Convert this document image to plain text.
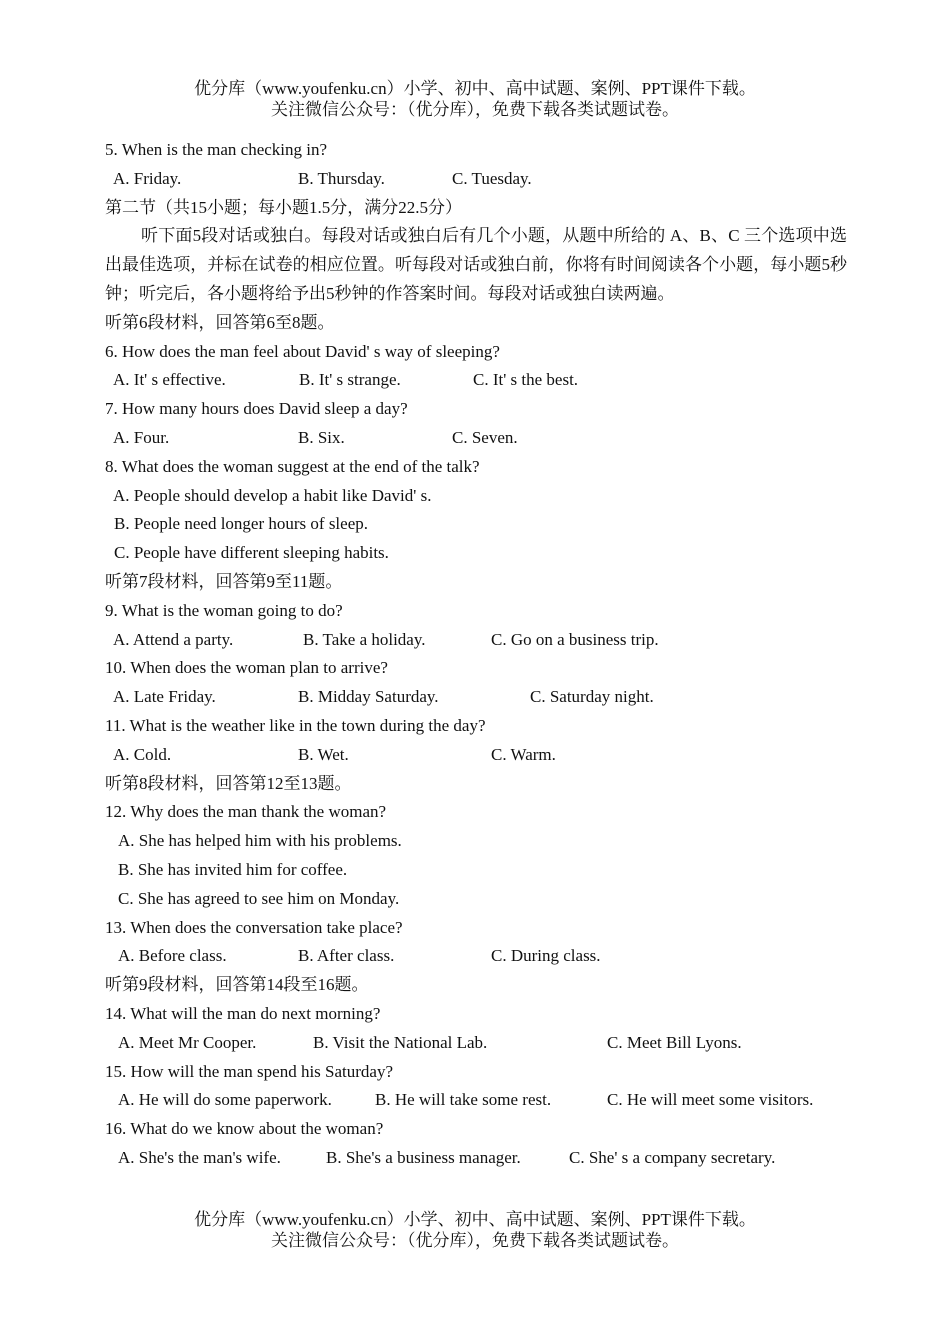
优分库（www.youfenku.cn）小学、初中、高中试题、案例、PPT课件下载。
关注微信公众号：（优分库），免费下载各类试题试卷。
5. When is the man checking in?
A. Friday.	B. Thursday.	C. Tuesday.
第二节（共15小题；每小题1.5分，满分22.5分）
听下面5段对话或独白。每段对话或独白后有几个小题，从题中所给的 A、B、C 三个选项中选出最佳选项，并标在试卷的相应位置。听每段对话或独白前，你将有时间阅读各个小题，每小题5秒钟；听完后，各小题将给予出5秒钟的作答案时间。每段对话或独白读两遍。
听第6段材料，回答第6至8题。
6. How does the man feel about David' s way of sleeping?
A. It' s effective.	B. It' s strange.	C. It' s the best.
7. How many hours does David sleep a day?
A. Four.	B. Six.	C. Seven.
8. What does the woman suggest at the end of the talk?
A. People should develop a habit like David' s.
B. People need longer hours of sleep.
C. People have different sleeping habits.
听第7段材料，回答第9至11题。
9. What is the woman going to do?
A. Attend a party.	B. Take a holiday.	C. Go on a business trip.
10. When does the woman plan to arrive?
A. Late Friday.	B. Midday Saturday.	C. Saturday night.
11. What is the weather like in the town during the day?
A. Cold.	B. Wet.	C. Warm.
听第8段材料，回答第12至13题。
12. Why does the man thank the woman?
A. She has helped him with his problems.
B. She has invited him for coffee.
C. She has agreed to see him on Monday.
13. When does the conversation take place?
A. Before class.	B. After class.	C. During class.
听第9段材料，回答第14段至16题。
14. What will the man do next morning?
A. Meet Mr Cooper.	B. Visit the National Lab.	C. Meet Bill Lyons.
15. How will the man spend his Saturday?
A. He will do some paperwork.	B. He will take some rest.	C. He will meet some visitors.
16. What do we know about the woman?
A. She's the man's wife.	B. She's a business manager.	C. She' s a company secretary.
优分库（www.youfenku.cn）小学、初中、高中试题、案例、PPT课件下载。
关注微信公众号：（优分库），免费下载各类试题试卷。
